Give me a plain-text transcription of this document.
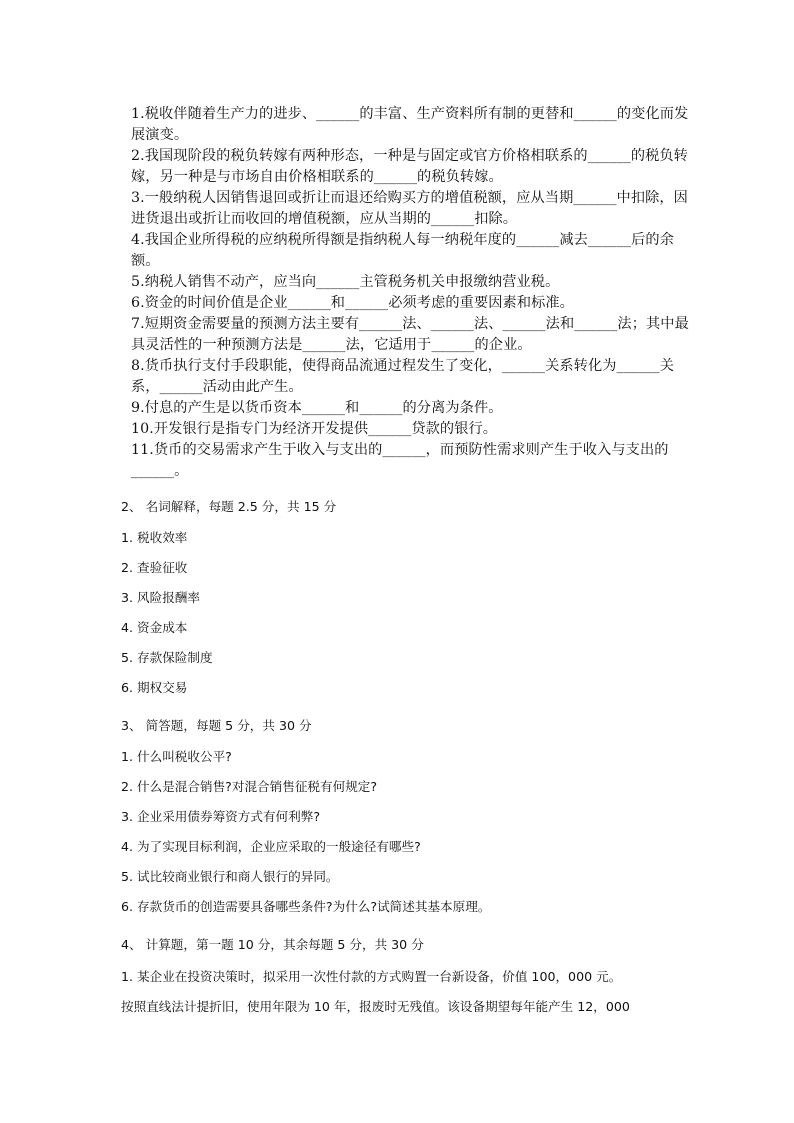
1.税收伴随着生产力的进步、______的丰富、生产资料所有制的更替和______的变化而发展演变。

2.我国现阶段的税负转嫁有两种形态，一种是与固定或官方价格相联系的______的税负转嫁，另一种是与市场自由价格相联系的______的税负转嫁。

3.一般纳税人因销售退回或折让而退还给购买方的增值税额，应从当期______中扣除，因进货退出或折让而收回的增值税额，应从当期的______扣除。

4.我国企业所得税的应纳税所得额是指纳税人每一纳税年度的______减去______后的余额。

5.纳税人销售不动产，应当向______主管税务机关申报缴纳营业税。

6.资金的时间价值是企业______和______必须考虑的重要因素和标准。

7.短期资金需要量的预测方法主要有______法、______法、______法和______法；其中最具灵活性的一种预测方法是______法，它适用于______的企业。

8.货币执行支付手段职能，使得商品流通过程发生了变化，______关系转化为______关系，______活动由此产生。

9.付息的产生是以货币资本______和______的分离为条件。

10.开发银行是指专门为经济开发提供______贷款的银行。

11.货币的交易需求产生于收入与支出的______，而预防性需求则产生于收入与支出的______。

2、 名词解释，每题 2.5 分，共 15 分

1. 税收效率

2. 查验征收

3. 风险报酬率

4. 资金成本

5. 存款保险制度

6. 期权交易

3、 简答题，每题 5 分，共 30 分

1. 什么叫税收公平?

2. 什么是混合销售?对混合销售征税有何规定?

3. 企业采用债券筹资方式有何利弊?

4. 为了实现目标利润，企业应采取的一般途径有哪些?

5. 试比较商业银行和商人银行的异同。

6. 存款货币的创造需要具备哪些条件?为什么?试简述其基本原理。

4、 计算题，第一题 10 分，其余每题 5 分，共 30 分

1. 某企业在投资决策时，拟采用一次性付款的方式购置一台新设备，价值 100，000 元。

按照直线法计提折旧，使用年限为 10 年，报废时无残值。该设备期望每年能产生 12，000
